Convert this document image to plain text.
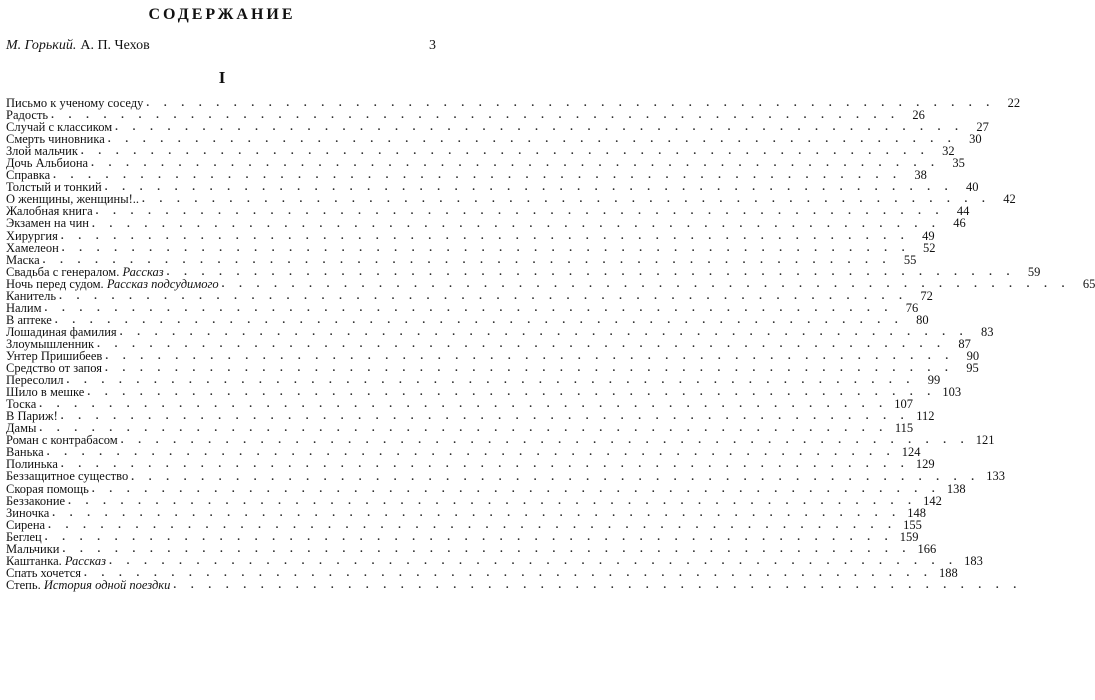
СОДЕРЖАНИЕ
М. Горький. А. П. Чехов	3
I
Письмо к ученому соседу . . . . . . . . . . . . . . . . . . . . . . . . . . . . . . . . . . . . . . . . . . . . . . . . .	22
Радость . . . . . . . . . . . . . . . . . . . . . . . . . . . . . . . . . . . . . . . . . . . . . . . . .	26
Случай с классиком . . . . . . . . . . . . . . . . . . . . . . . . . . . . . . . . . . . . . . . . . . . . . . . . .	27
Смерть чиновника . . . . . . . . . . . . . . . . . . . . . . . . . . . . . . . . . . . . . . . . . . . . . . . . .	30
Злой мальчик . . . . . . . . . . . . . . . . . . . . . . . . . . . . . . . . . . . . . . . . . . . . . . . . .	32
Дочь Альбиона . . . . . . . . . . . . . . . . . . . . . . . . . . . . . . . . . . . . . . . . . . . . . . . . .	35
Справка . . . . . . . . . . . . . . . . . . . . . . . . . . . . . . . . . . . . . . . . . . . . . . . . .	38
Толстый и тонкий . . . . . . . . . . . . . . . . . . . . . . . . . . . . . . . . . . . . . . . . . . . . . . . . .	40
О женщины, женщины!.. . . . . . . . . . . . . . . . . . . . . . . . . . . . . . . . . . . . . . . . . . . . . . . . . .	42
Жалобная книга . . . . . . . . . . . . . . . . . . . . . . . . . . . . . . . . . . . . . . . . . . . . . . . . .	44
Экзамен на чин . . . . . . . . . . . . . . . . . . . . . . . . . . . . . . . . . . . . . . . . . . . . . . . . .	46
Хирургия . . . . . . . . . . . . . . . . . . . . . . . . . . . . . . . . . . . . . . . . . . . . . . . . .	49
Хамелеон . . . . . . . . . . . . . . . . . . . . . . . . . . . . . . . . . . . . . . . . . . . . . . . . .	52
Маска . . . . . . . . . . . . . . . . . . . . . . . . . . . . . . . . . . . . . . . . . . . . . . . . .	55
Свадьба с генералом. Рассказ . . . . . . . . . . . . . . . . . . . . . . . . . . . . . . . . . . . . . . . . . . . . . . . . .	59
Ночь перед судом. Рассказ подсудимого . . . . . . . . . . . . . . . . . . . . . . . . . . . . . . . . . . . . . . . . . . . . . . . . .	65
Канитель . . . . . . . . . . . . . . . . . . . . . . . . . . . . . . . . . . . . . . . . . . . . . . . . .	72
Налим . . . . . . . . . . . . . . . . . . . . . . . . . . . . . . . . . . . . . . . . . . . . . . . . .	76
В аптеке . . . . . . . . . . . . . . . . . . . . . . . . . . . . . . . . . . . . . . . . . . . . . . . . .	80
Лошадиная фамилия . . . . . . . . . . . . . . . . . . . . . . . . . . . . . . . . . . . . . . . . . . . . . . . . .	83
Злоумышленник . . . . . . . . . . . . . . . . . . . . . . . . . . . . . . . . . . . . . . . . . . . . . . . . .	87
Унтер Пришибеев . . . . . . . . . . . . . . . . . . . . . . . . . . . . . . . . . . . . . . . . . . . . . . . . .	90
Средство от запоя . . . . . . . . . . . . . . . . . . . . . . . . . . . . . . . . . . . . . . . . . . . . . . . . .	95
Пересолил . . . . . . . . . . . . . . . . . . . . . . . . . . . . . . . . . . . . . . . . . . . . . . . . .	99
Шило в мешке . . . . . . . . . . . . . . . . . . . . . . . . . . . . . . . . . . . . . . . . . . . . . . . . . 103
Тоска . . . . . . . . . . . . . . . . . . . . . . . . . . . . . . . . . . . . . . . . . . . . . . . . . 107
В Париж! . . . . . . . . . . . . . . . . . . . . . . . . . . . . . . . . . . . . . . . . . . . . . . . . . 112
Дамы . . . . . . . . . . . . . . . . . . . . . . . . . . . . . . . . . . . . . . . . . . . . . . . . . 115
Роман с контрабасом . . . . . . . . . . . . . . . . . . . . . . . . . . . . . . . . . . . . . . . . . . . . . . . . . 121
Ванька . . . . . . . . . . . . . . . . . . . . . . . . . . . . . . . . . . . . . . . . . . . . . . . . . 124
Полинька . . . . . . . . . . . . . . . . . . . . . . . . . . . . . . . . . . . . . . . . . . . . . . . . . 129
Беззащитное существо . . . . . . . . . . . . . . . . . . . . . . . . . . . . . . . . . . . . . . . . . . . . . . . . . 133
Скорая помощь . . . . . . . . . . . . . . . . . . . . . . . . . . . . . . . . . . . . . . . . . . . . . . . . . 138
Беззаконие . . . . . . . . . . . . . . . . . . . . . . . . . . . . . . . . . . . . . . . . . . . . . . . . . 142
Зиночка . . . . . . . . . . . . . . . . . . . . . . . . . . . . . . . . . . . . . . . . . . . . . . . . . 148
Сирена . . . . . . . . . . . . . . . . . . . . . . . . . . . . . . . . . . . . . . . . . . . . . . . . . 155
Беглец . . . . . . . . . . . . . . . . . . . . . . . . . . . . . . . . . . . . . . . . . . . . . . . . . 159
Мальчики . . . . . . . . . . . . . . . . . . . . . . . . . . . . . . . . . . . . . . . . . . . . . . . . . 166
Каштанка. Рассказ . . . . . . . . . . . . . . . . . . . . . . . . . . . . . . . . . . . . . . . . . . . . . . . . . 183
Спать хочется . . . . . . . . . . . . . . . . . . . . . . . . . . . . . . . . . . . . . . . . . . . . . . . . . 188
Степь. История одной поездки . . . . . . . . . . . . . . . . . . . . . . . . . . . . . . . . . . . . . . . . . . . . . . . . .
